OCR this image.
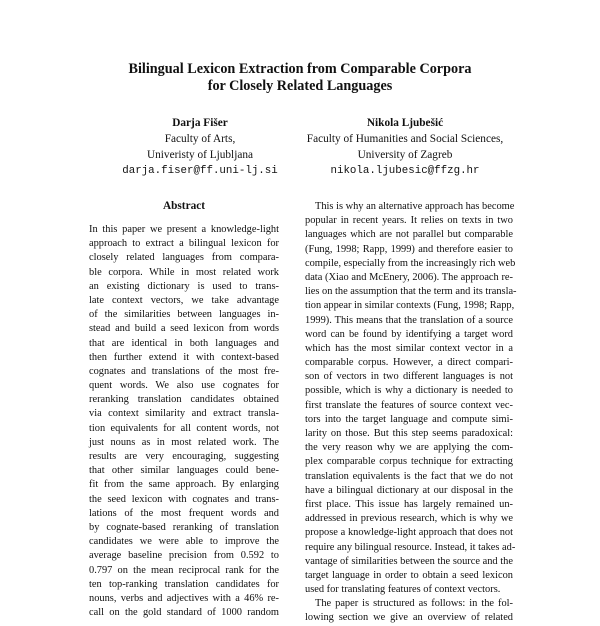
Bilingual Lexicon Extraction from Comparable Corpora
for Closely Related Languages
Darja Fišer
Faculty of Arts,
Univeristy of Ljubljana
darja.fiser@ff.uni-lj.si
Nikola Ljubešić
Faculty of Humanities and Social Sciences,
University of Zagreb
nikola.ljubesic@ffzg.hr
Abstract
In this paper we present a knowledge-light
approach to extract a bilingual lexicon for
closely related languages from compara-
ble corpora. While in most related work
an existing dictionary is used to trans-
late context vectors, we take advantage
of the similarities between languages in-
stead and build a seed lexicon from words
that are identical in both languages and
then further extend it with context-based
cognates and translations of the most fre-
quent words. We also use cognates for
reranking translation candidates obtained
via context similarity and extract transla-
tion equivalents for all content words, not
just nouns as in most related work. The
results are very encouraging, suggesting
that other similar languages could bene-
fit from the same approach. By enlarging
the seed lexicon with cognates and trans-
lations of the most frequent words and
by cognate-based reranking of translation
candidates we were able to improve the
average baseline precision from 0.592 to
0.797 on the mean reciprocal rank for the
ten top-ranking translation candidates for
nouns, verbs and adjectives with a 46% re-
call on the gold standard of 1000 random
This is why an alternative approach has become
popular in recent years. It relies on texts in two
languages which are not parallel but comparable
(Fung, 1998; Rapp, 1999) and therefore easier to
compile, especially from the increasingly rich web
data (Xiao and McEnery, 2006). The approach re-
lies on the assumption that the term and its transla-
tion appear in similar contexts (Fung, 1998; Rapp,
1999). This means that the translation of a source
word can be found by identifying a target word
which has the most similar context vector in a
comparable corpus. However, a direct compari-
son of vectors in two different languages is not
possible, which is why a dictionary is needed to
first translate the features of source context vec-
tors into the target language and compute simi-
larity on those. But this step seems paradoxical:
the very reason why we are applying the com-
plex comparable corpus technique for extracting
translation equivalents is the fact that we do not
have a bilingual dictionary at our disposal in the
first place. This issue has largely remained un-
addressed in previous research, which is why we
propose a knowledge-light approach that does not
require any bilingual resource. Instead, it takes ad-
vantage of similarities between the source and the
target language in order to obtain a seed lexicon
used for translating features of context vectors.
The paper is structured as follows: in the fol-
lowing section we give an overview of related
